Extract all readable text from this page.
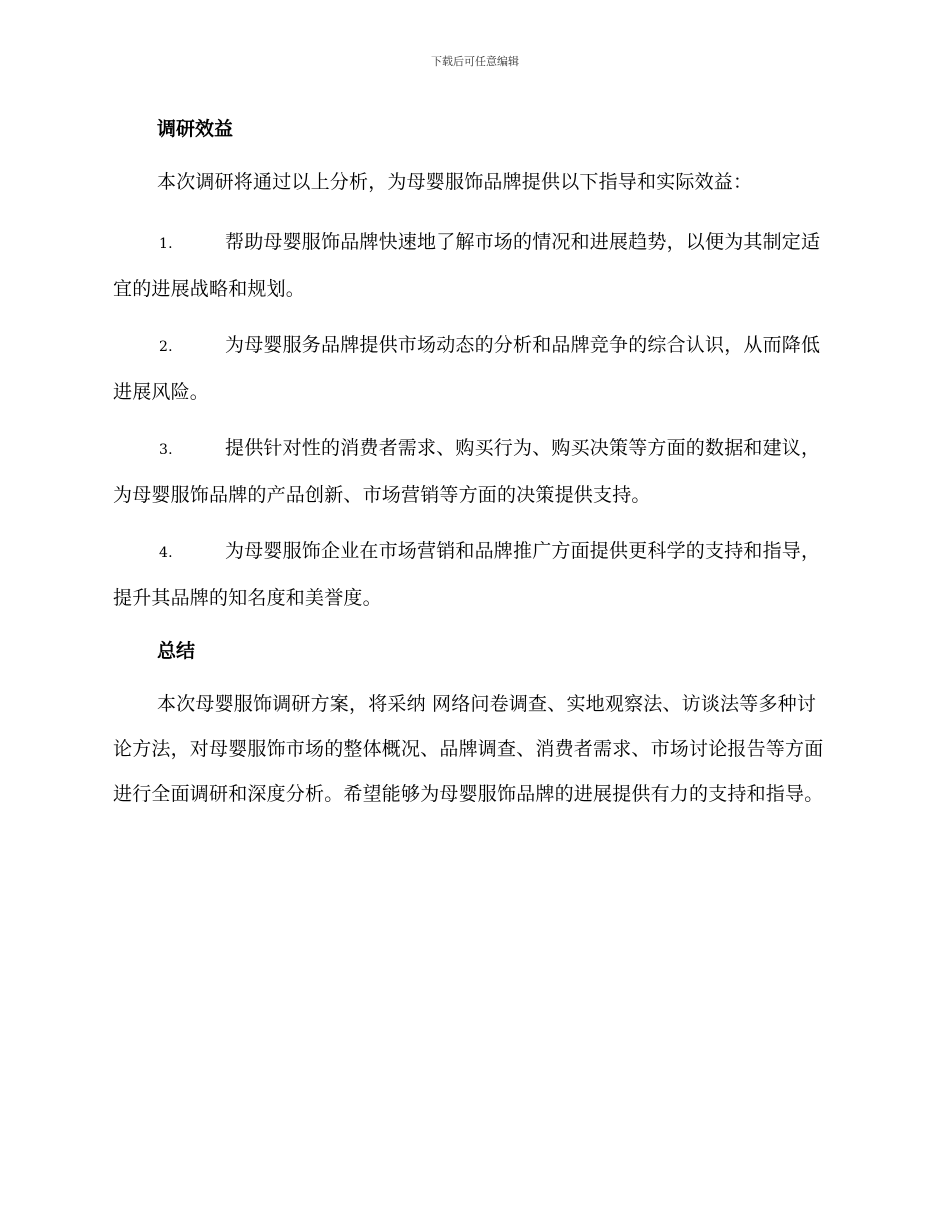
下载后可任意编辑
调研效益

本次调研将通过以上分析，为母婴服饰品牌提供以下指导和实际效益：

1.	帮助母婴服饰品牌快速地了解市场的情况和进展趋势，以便为其制定适宜的进展战略和规划。

2.	为母婴服务品牌提供市场动态的分析和品牌竞争的综合认识，从而降低进展风险。

3.	提供针对性的消费者需求、购买行为、购买决策等方面的数据和建议，为母婴服饰品牌的产品创新、市场营销等方面的决策提供支持。

4.	为母婴服饰企业在市场营销和品牌推广方面提供更科学的支持和指导，提升其品牌的知名度和美誉度。

总结

本次母婴服饰调研方案，将采纳 网络问卷调查、实地观察法、访谈法等多种讨论方法，对母婴服饰市场的整体概况、品牌调查、消费者需求、市场讨论报告等方面进行全面调研和深度分析。希望能够为母婴服饰品牌的进展提供有力的支持和指导。
